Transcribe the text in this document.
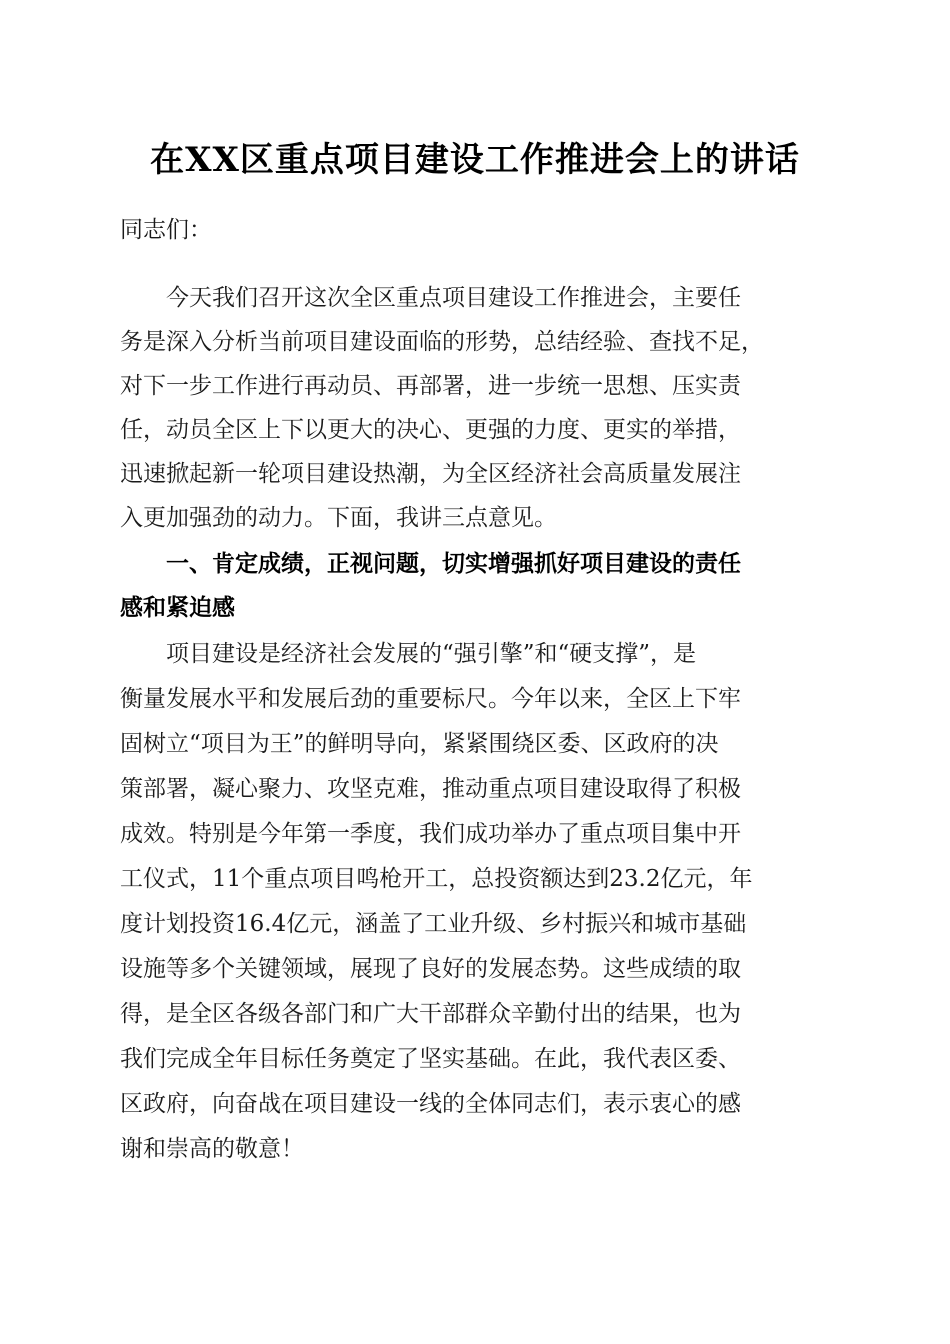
在XX区重点项目建设工作推进会上的讲话
同志们：
今天我们召开这次全区重点项目建设工作推进会，主要任
务是深入分析当前项目建设面临的形势，总结经验、查找不足，
对下一步工作进行再动员、再部署，进一步统一思想、压实责
任，动员全区上下以更大的决心、更强的力度、更实的举措，
迅速掀起新一轮项目建设热潮，为全区经济社会高质量发展注
入更加强劲的动力。下面，我讲三点意见。
一、肯定成绩，正视问题，切实增强抓好项目建设的责任
感和紧迫感
项目建设是经济社会发展的“强引擎”和“硬支撑”，是
衡量发展水平和发展后劲的重要标尺。今年以来，全区上下牢
固树立“项目为王”的鲜明导向，紧紧围绕区委、区政府的决
策部署，凝心聚力、攻坚克难，推动重点项目建设取得了积极
成效。特别是今年第一季度，我们成功举办了重点项目集中开
工仪式，11个重点项目鸣枪开工，总投资额达到23.2亿元，年
度计划投资16.4亿元，涵盖了工业升级、乡村振兴和城市基础
设施等多个关键领域，展现了良好的发展态势。这些成绩的取
得，是全区各级各部门和广大干部群众辛勤付出的结果，也为
我们完成全年目标任务奠定了坚实基础。在此，我代表区委、
区政府，向奋战在项目建设一线的全体同志们，表示衷心的感
谢和崇高的敬意！
